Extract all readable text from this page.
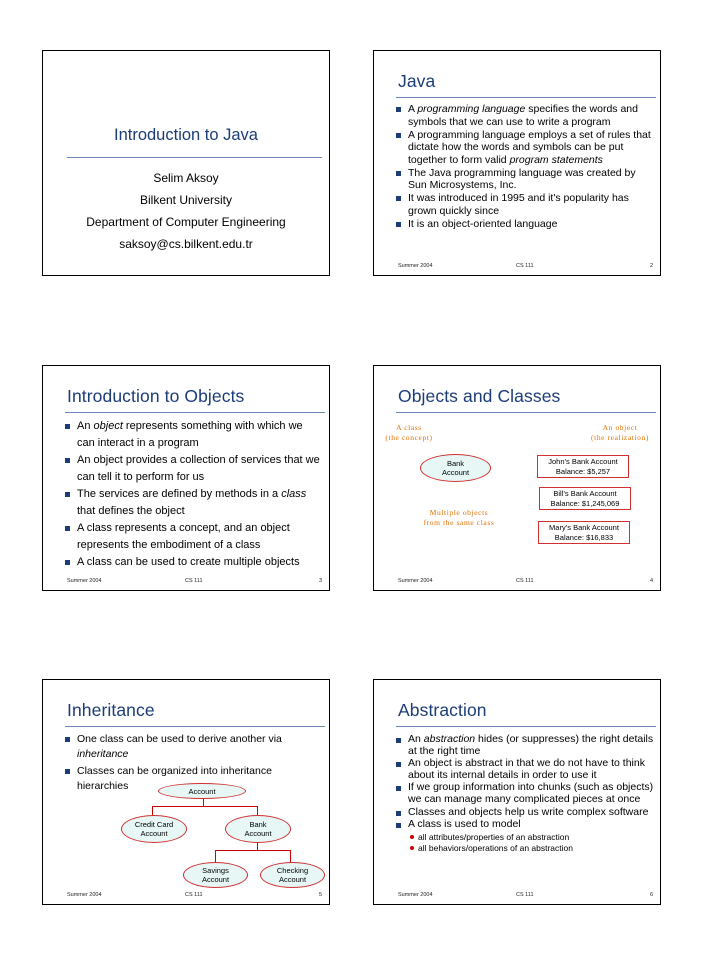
Introduction to Java
Selim Aksoy
Bilkent University
Department of Computer Engineering
saksoy@cs.bilkent.edu.tr
Java
A programming language specifies the words and symbols that we can use to write a program
A programming language employs a set of rules that dictate how the words and symbols can be put together to form valid program statements
The Java programming language was created by Sun Microsystems, Inc.
It was introduced in 1995 and it's popularity has grown quickly since
It is an object-oriented language
Summer 2004	CS 111	2
Introduction to Objects
An object represents something with which we can interact in a program
An object provides a collection of services that we can tell it to perform for us
The services are defined by methods in a class that defines the object
A class represents a concept, and an object represents the embodiment of a class
A class can be used to create multiple objects
Summer 2004	CS 111	3
Objects and Classes
A class
(the concept)
An object
(the realization)
Multiple objects
from the same class
Bank
Account
John’s Bank Account
Balance: $5,257
Bill’s Bank Account
Balance: $1,245,069
Mary’s Bank Account
Balance: $16,833
Summer 2004	CS 111	4
Inheritance
One class can be used to derive another via inheritance
Classes can be organized into inheritance hierarchies	Account
Credit Card
Account
Bank
Account
Savings
Account
Checking
Account
Summer 2004	CS 111	5
Abstraction
An abstraction hides (or suppresses) the right details at the right time
An object is abstract in that we do not have to think about its internal details in order to use it
If we group information into chunks (such as objects) we can manage many complicated pieces at once
Classes and objects help us write complex software
A class is used to model
all attributes/properties of an abstraction
all behaviors/operations of an abstraction
Summer 2004	CS 111	6
